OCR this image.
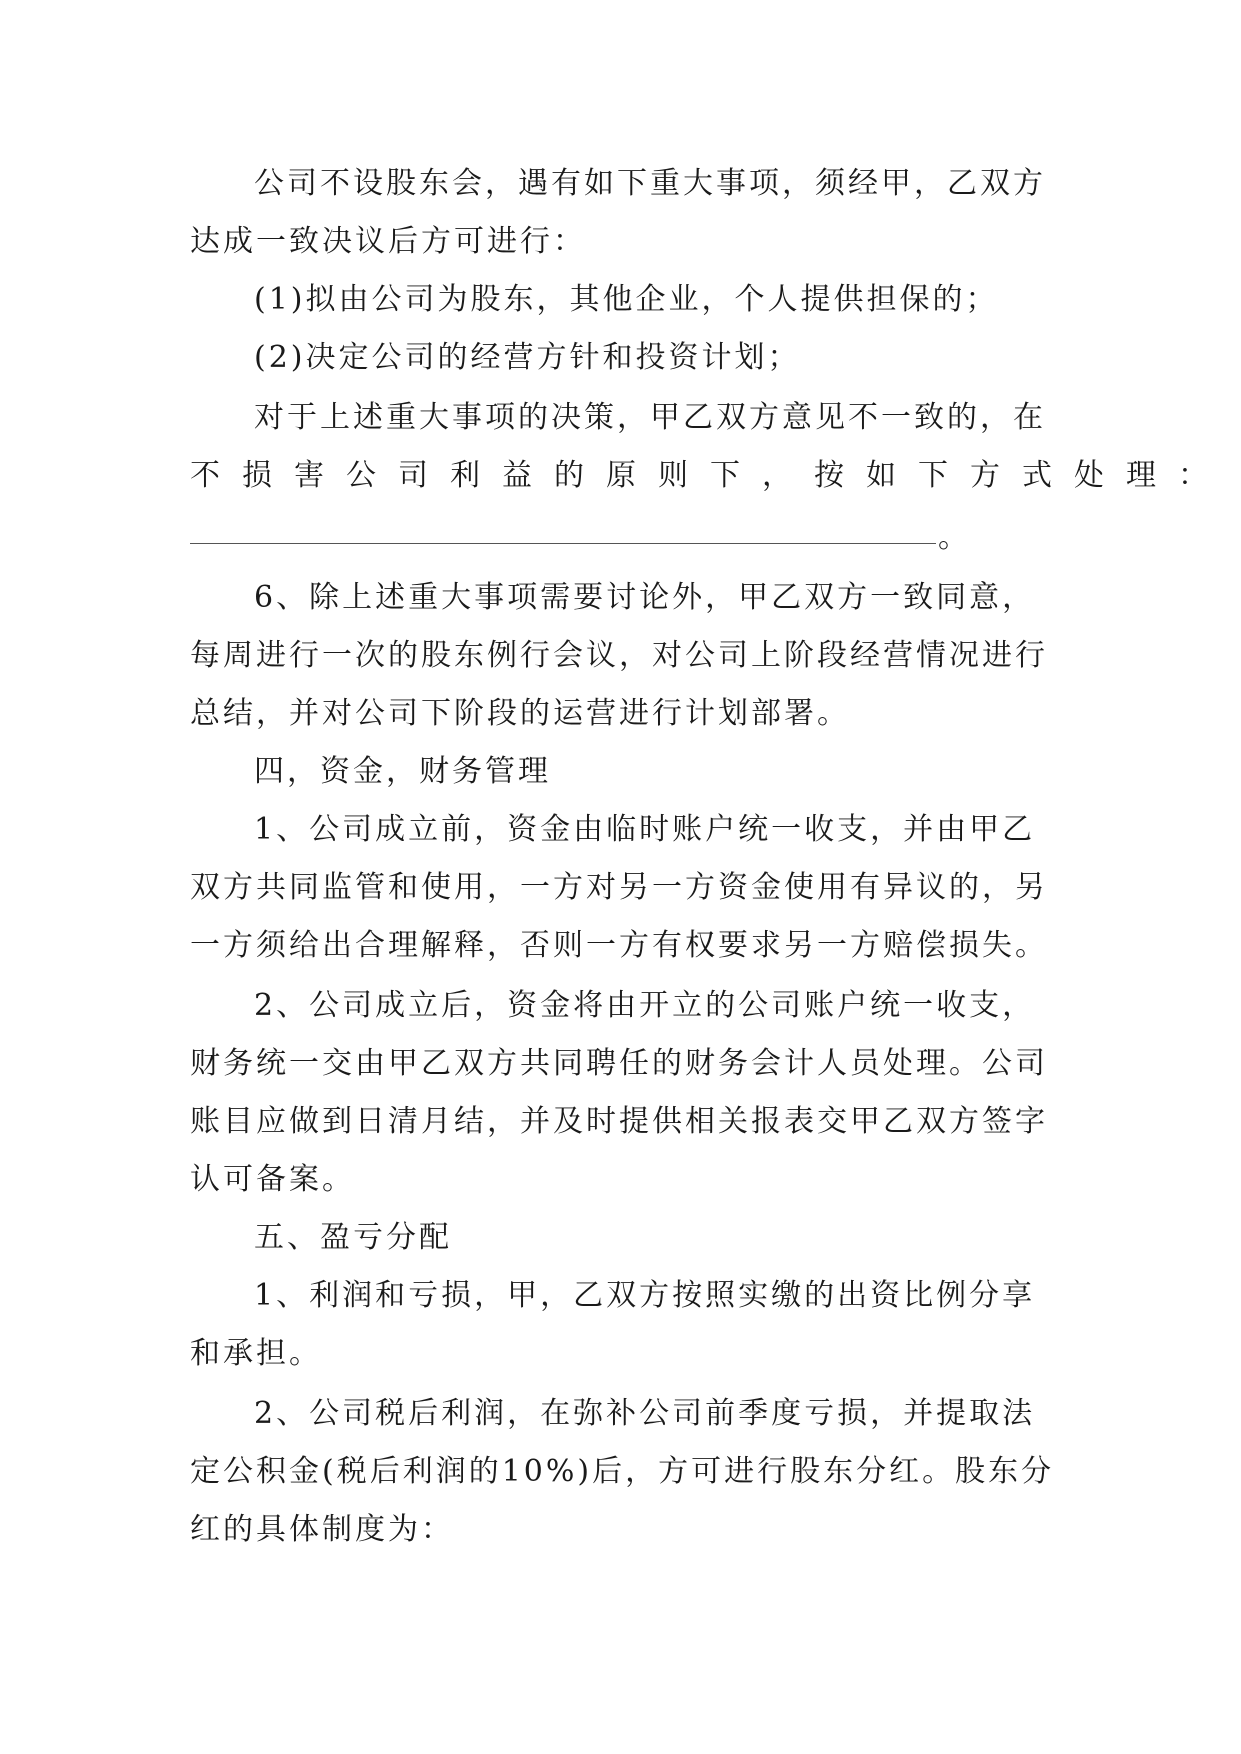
公司不设股东会，遇有如下重大事项，须经甲，乙双方
达成一致决议后方可进行：
(1)拟由公司为股东，其他企业，个人提供担保的；
(2)决定公司的经营方针和投资计划；
对于上述重大事项的决策，甲乙双方意见不一致的，在
不损害公司利益的原则下，按如下方式处理：
。
6、除上述重大事项需要讨论外，甲乙双方一致同意，
每周进行一次的股东例行会议，对公司上阶段经营情况进行
总结，并对公司下阶段的运营进行计划部署。
四，资金，财务管理
1、公司成立前，资金由临时账户统一收支，并由甲乙
双方共同监管和使用，一方对另一方资金使用有异议的，另
一方须给出合理解释，否则一方有权要求另一方赔偿损失。
2、公司成立后，资金将由开立的公司账户统一收支，
财务统一交由甲乙双方共同聘任的财务会计人员处理。公司
账目应做到日清月结，并及时提供相关报表交甲乙双方签字
认可备案。
五、盈亏分配
1、利润和亏损，甲，乙双方按照实缴的出资比例分享
和承担。
2、公司税后利润，在弥补公司前季度亏损，并提取法
定公积金(税后利润的10%)后，方可进行股东分红。股东分
红的具体制度为：
